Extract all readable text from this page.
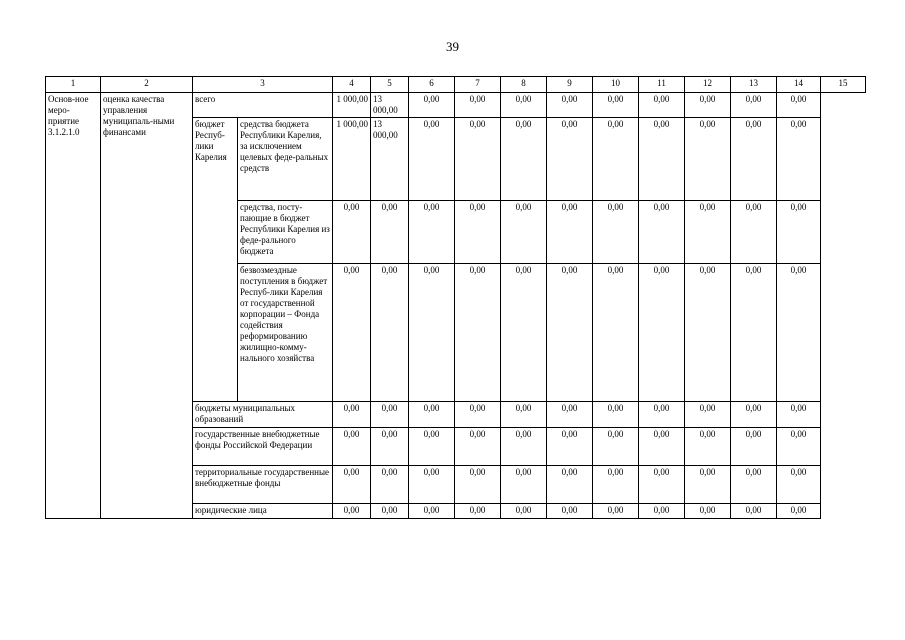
39
1	2	3		4	5	6	7	8	9	10	11	12	13	14	15
Основ-ное меро-приятие 3.1.2.1.0	оценка качества управления муниципаль-ными финансами	всего		1 000,00	13 000,00	0,00	0,00	0,00	0,00	0,00	0,00	0,00	0,00	0,00	
		бюджет Респуб-лики Карелия	средства бюджета Республики Карелия, за исключением целевых феде-ральных средств	1 000,00	13 000,00	0,00	0,00	0,00	0,00	0,00	0,00	0,00	0,00	0,00	
			средства, посту-пающие в бюджет Республики Карелия из феде-рального бюджета	0,00	0,00	0,00	0,00	0,00	0,00	0,00	0,00	0,00	0,00	0,00	
			безвозмездные поступления в бюджет Респуб-лики Карелия от государственной корпорации – Фонда содействия реформированию жилищно-комму-нального хозяйства	0,00	0,00	0,00	0,00	0,00	0,00	0,00	0,00	0,00	0,00	0,00	
		бюджеты муниципальных образований		0,00	0,00	0,00	0,00	0,00	0,00	0,00	0,00	0,00	0,00	0,00	
		государственные внебюджетные фонды Российской Федерации		0,00	0,00	0,00	0,00	0,00	0,00	0,00	0,00	0,00	0,00	0,00	
		территориальные государственные внебюджетные фонды		0,00	0,00	0,00	0,00	0,00	0,00	0,00	0,00	0,00	0,00	0,00	
		юридические лица		0,00	0,00	0,00	0,00	0,00	0,00	0,00	0,00	0,00	0,00	0,00	
